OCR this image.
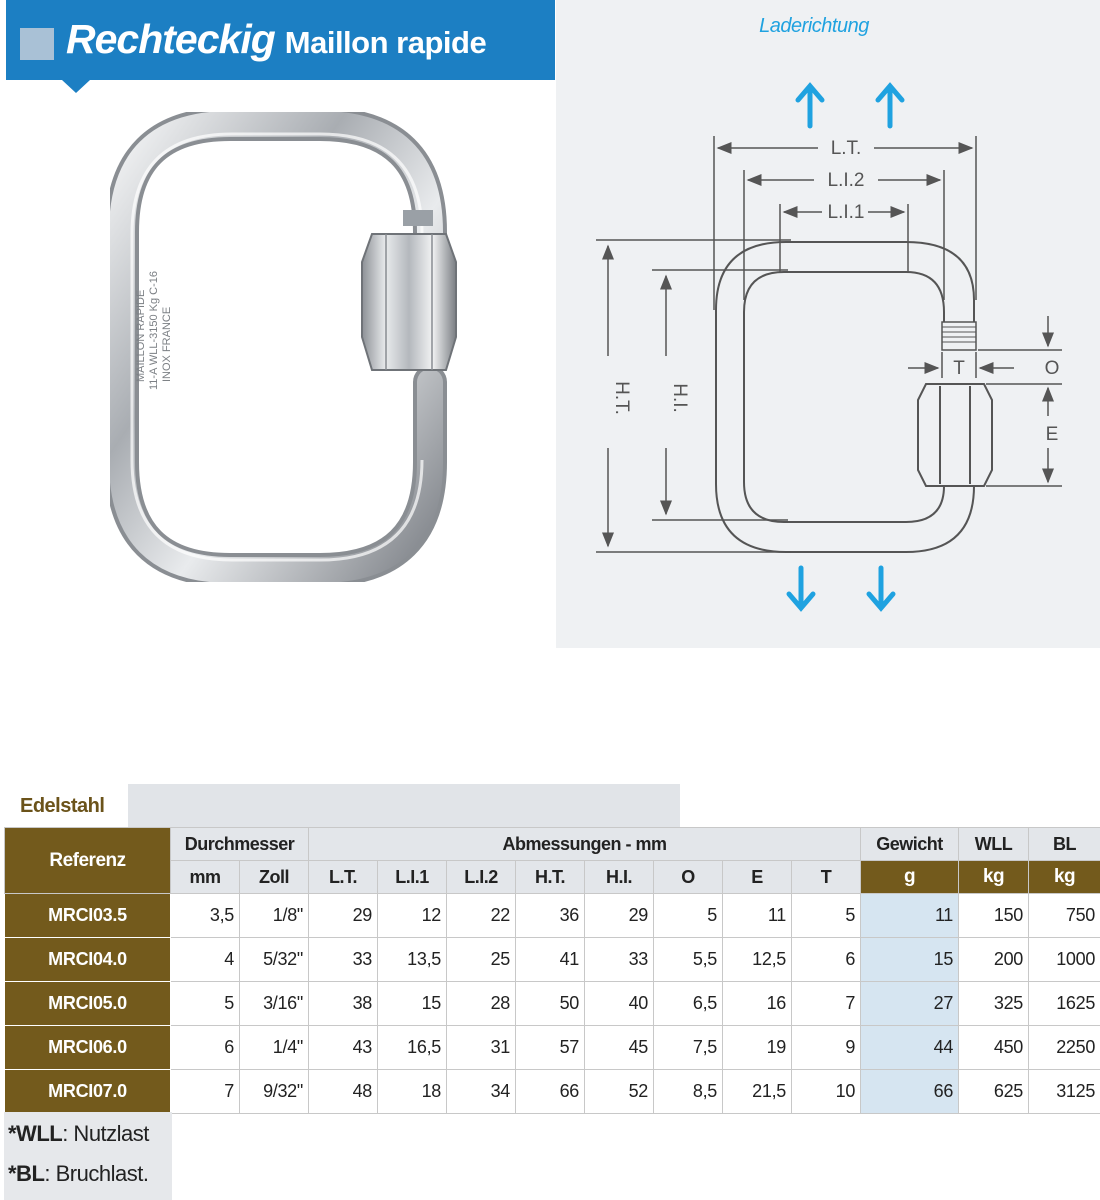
Rechteckig Maillon rapide
MAILLON RAPIDE 11-A WLL-3150 Kg C-16 INOX FRANCE
Laderichtung
L.T.
L.I.2
L.I.1
H.T. H.I.
T	O
E
Edelstahl
Referenz	Durchmesser		Abmessungen - mm								Gewicht	WLL	BL
	mm	Zoll	L.T.	L.I.1	L.I.2	H.T.	H.I.	O	E	T	g	kg	kg
MRCI03.5	3,5	1/8"	29	12	22	36	29	5	11	5	11	150	750
MRCI04.0	4	5/32"	33	13,5	25	41	33	5,5	12,5	6	15	200	1000
MRCI05.0	5	3/16"	38	15	28	50	40	6,5	16	7	27	325	1625
MRCI06.0	6	1/4"	43	16,5	31	57	45	7,5	19	9	44	450	2250
MRCI07.0	7	9/32"	48	18	34	66	52	8,5	21,5	10	66	625	3125
*WLL: Nutzlast
*BL: Bruchlast.
